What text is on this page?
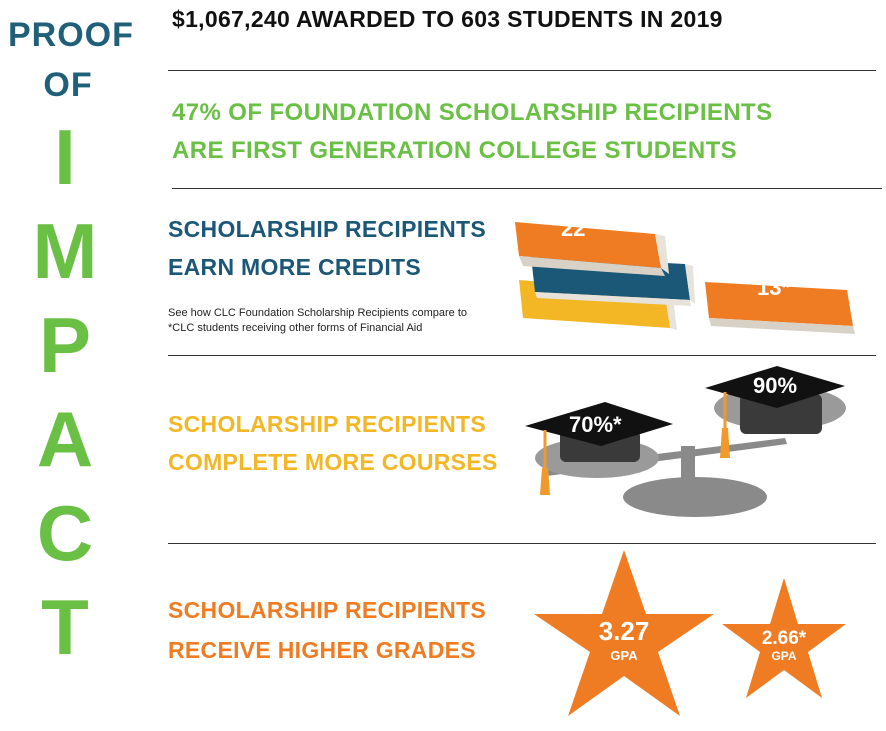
PROOF
OF
I
M
P
A
C
T
$1,067,240 AWARDED TO 603 STUDENTS IN 2019
47% OF FOUNDATION SCHOLARSHIP RECIPIENTS
ARE FIRST GENERATION COLLEGE STUDENTS
SCHOLARSHIP RECIPIENTS
EARN MORE CREDITS
See how CLC Foundation Scholarship Recipients compare to
*CLC students receiving other forms of Financial Aid
22
13*
SCHOLARSHIP RECIPIENTS
COMPLETE MORE COURSES
70%*
90%
SCHOLARSHIP RECIPIENTS
RECEIVE HIGHER GRADES
3.27
GPA
2.66*
GPA
